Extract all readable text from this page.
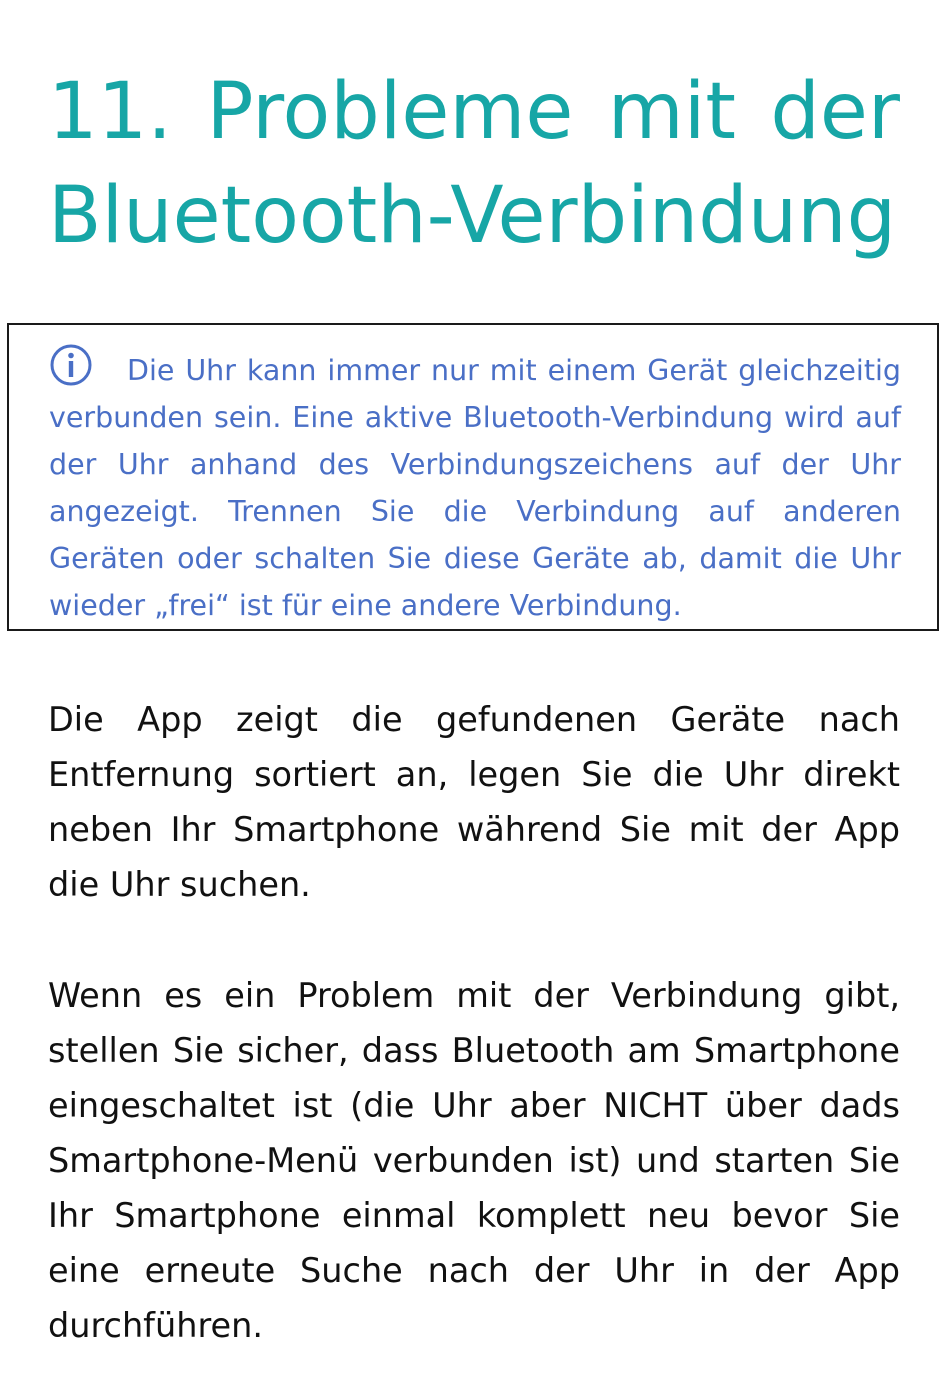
11. Probleme mit der Bluetooth-Verbindung

Die Uhr kann immer nur mit einem Gerät gleichzeitig verbunden sein. Eine aktive Bluetooth-Verbindung wird auf der Uhr anhand des Verbindungszeichens auf der Uhr angezeigt. Trennen Sie die Verbindung auf anderen Geräten oder schalten Sie diese Geräte ab, damit die Uhr wieder „frei“ ist für eine andere Verbindung.

Die App zeigt die gefundenen Geräte nach Entfernung sortiert an, legen Sie die Uhr direkt neben Ihr Smartphone während Sie mit der App die Uhr suchen.

Wenn es ein Problem mit der Verbindung gibt, stellen Sie sicher, dass Bluetooth am Smartphone eingeschaltet ist (die Uhr aber NICHT über dads Smartphone-Menü verbunden ist) und starten Sie Ihr Smartphone einmal komplett neu bevor Sie eine erneute Suche nach der Uhr in der App durchführen.
